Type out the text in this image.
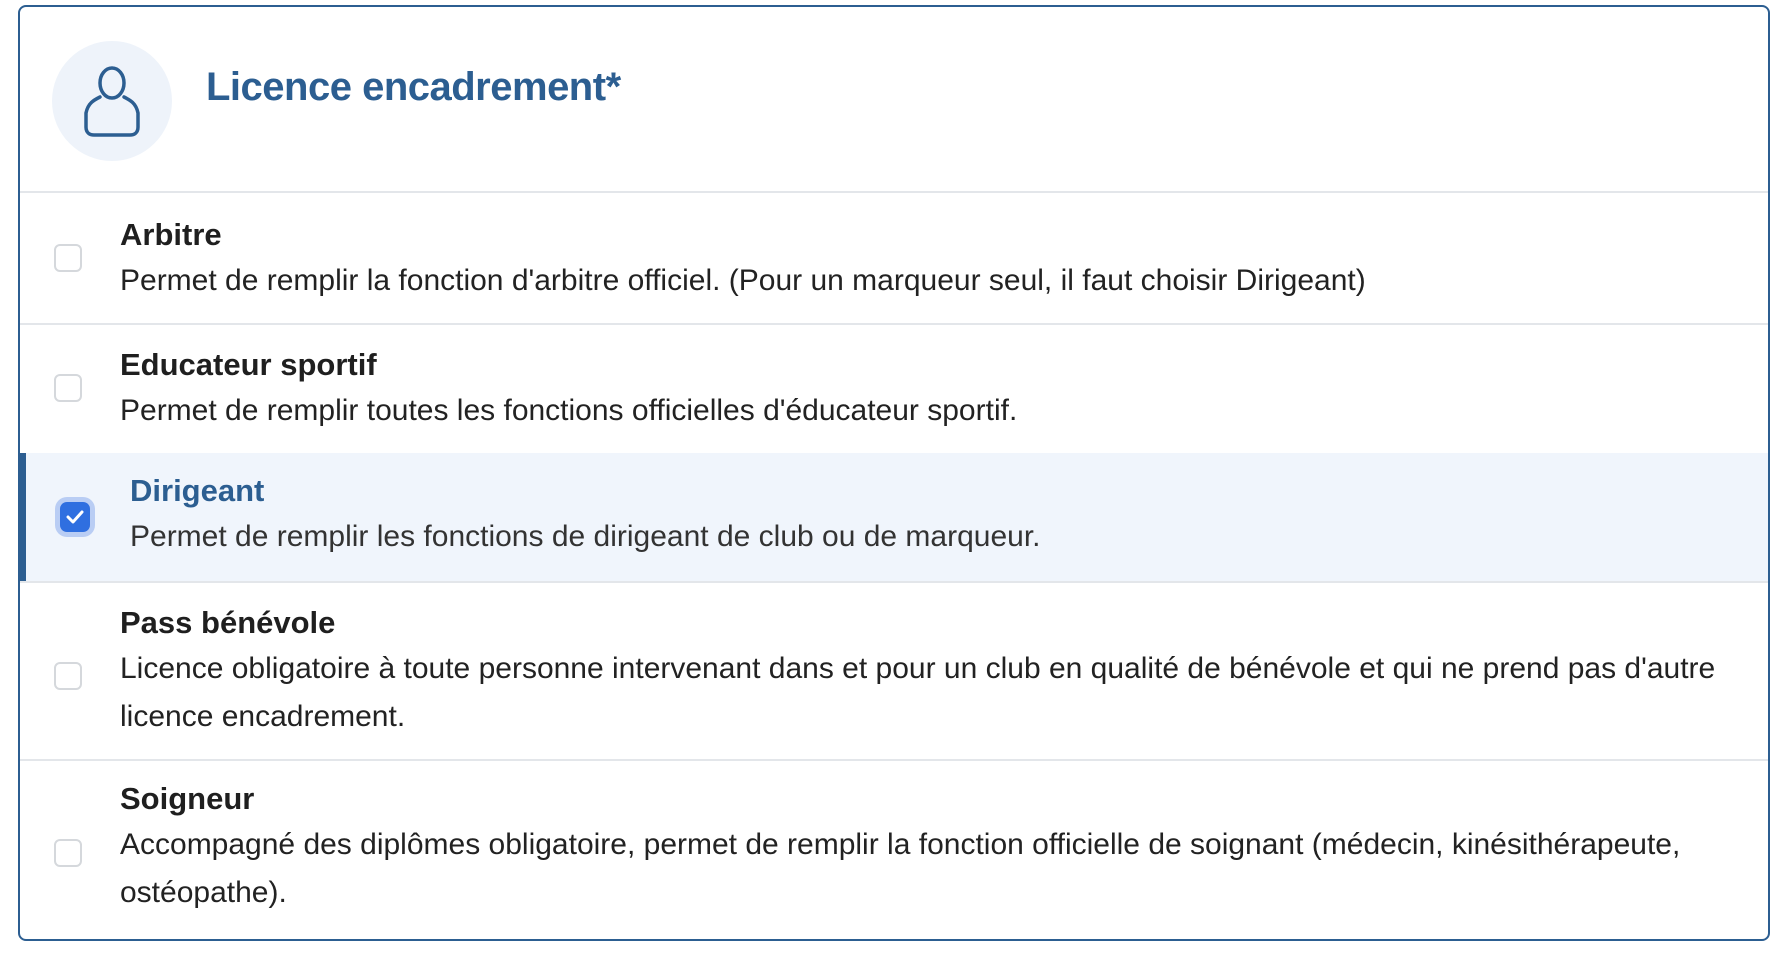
Licence encadrement*
Arbitre
Permet de remplir la fonction d'arbitre officiel. (Pour un marqueur seul, il faut choisir Dirigeant)
Educateur sportif
Permet de remplir toutes les fonctions officielles d'éducateur sportif.
Dirigeant
Permet de remplir les fonctions de dirigeant de club ou de marqueur.
Pass bénévole
Licence obligatoire à toute personne intervenant dans et pour un club en qualité de bénévole et qui ne prend pas d'autre licence encadrement.
Soigneur
Accompagné des diplômes obligatoire, permet de remplir la fonction officielle de soignant (médecin, kinésithérapeute, ostéopathe).
